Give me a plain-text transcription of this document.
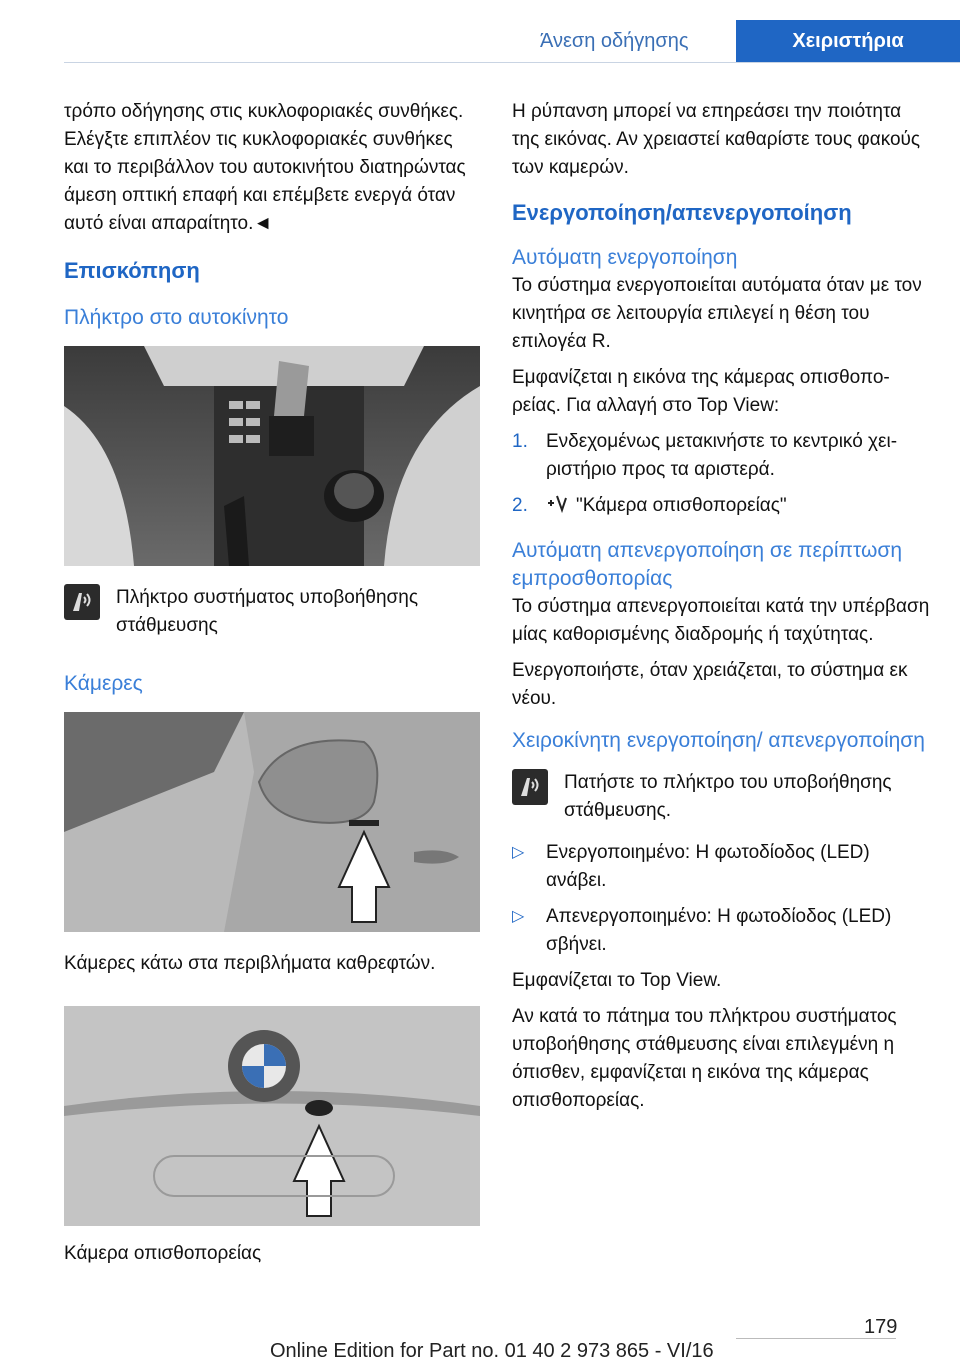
Άνεση οδήγησης	Χειριστήρια

τρόπο οδήγησης στις κυκλοφοριακές συνθήκες. Ελέγξτε επιπλέον τις κυκλοφοριακές συνθήκες και το περιβάλλον του αυτοκινήτου διατηρώντας άμεση οπτική επαφή και επέμβετε ενεργά όταν αυτό είναι απαραίτητο.◄

Επισκόπηση
Πλήκτρο στο αυτοκίνητο

Πλήκτρο συστήματος υποβοήθησης στάθμευσης

Κάμερες

Κάμερες κάτω στα περιβλήματα καθρεφτών.

Κάμερα οπισθοπορείας

Η ρύπανση μπορεί να επηρεάσει την ποιότητα της εικόνας. Αν χρειαστεί καθαρίστε τους φακούς των καμερών.

Ενεργοποίηση/απενεργοποίηση
Αυτόματη ενεργοποίηση

Το σύστημα ενεργοποιείται αυτόματα όταν με τον κινητήρα σε λειτουργία επιλεγεί η θέση του επιλογέα R.

Εμφανίζεται η εικόνα της κάμερας οπισθοπορείας. Για αλλαγή στο Top View:

1. Ενδεχομένως μετακινήστε το κεντρικό χειριστήριο προς τα αριστερά.
2.	"Κάμερα οπισθοπορείας"
Αυτόματη απενεργοποίηση σε περίπτωση εμπροσθοπορίας

Το σύστημα απενεργοποιείται κατά την υπέρβαση μίας καθορισμένης διαδρομής ή ταχύτητας.

Ενεργοποιήστε, όταν χρειάζεται, το σύστημα εκ νέου.

Χειροκίνητη ενεργοποίηση/ απενεργοποίηση

Πατήστε το πλήκτρο του υποβοήθησης στάθμευσης.

▷	Ενεργοποιημένο: Η φωτοδίοδος (LED) ανάβει.
▷	Απενεργοποιημένο: Η φωτοδίοδος (LED) σβήνει.

Εμφανίζεται το Top View.

Αν κατά το πάτημα του πλήκτρου συστήματος υποβοήθησης στάθμευσης είναι επιλεγμένη η όπισθεν, εμφανίζεται η εικόνα της κάμερας οπισθοπορείας.

179
Online Edition for Part no. 01 40 2 973 865 - VI/16
